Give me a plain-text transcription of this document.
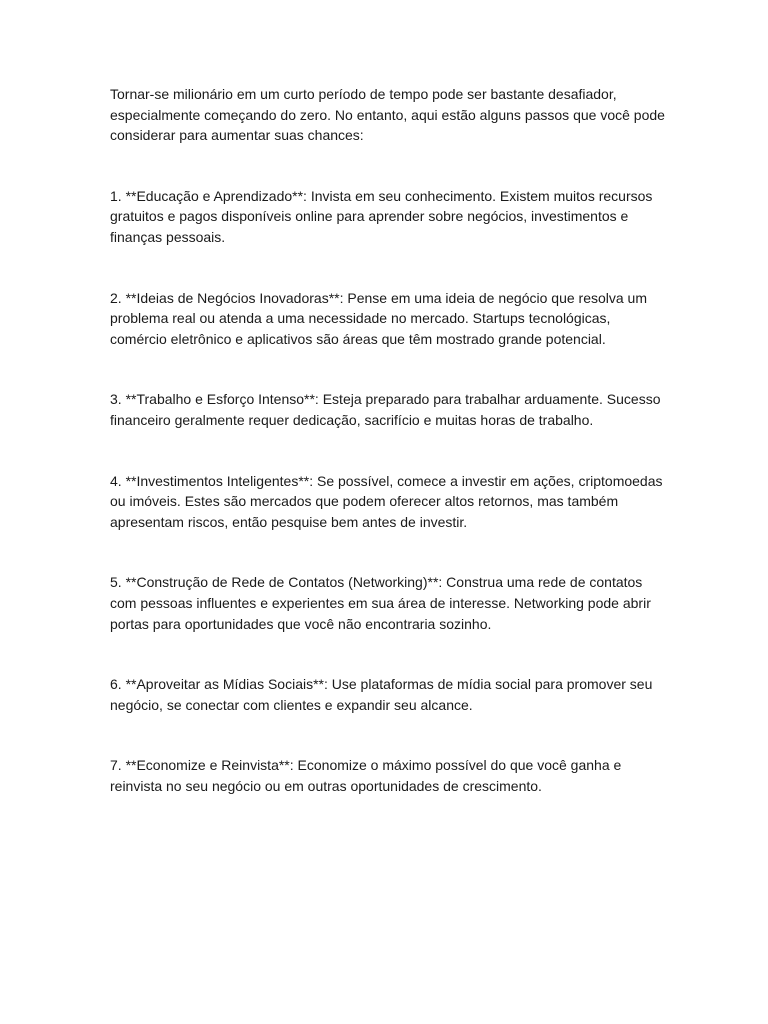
Tornar-se milionário em um curto período de tempo pode ser bastante desafiador, especialmente começando do zero. No entanto, aqui estão alguns passos que você pode considerar para aumentar suas chances:

1. **Educação e Aprendizado**: Invista em seu conhecimento. Existem muitos recursos gratuitos e pagos disponíveis online para aprender sobre negócios, investimentos e finanças pessoais.

2. **Ideias de Negócios Inovadoras**: Pense em uma ideia de negócio que resolva um problema real ou atenda a uma necessidade no mercado. Startups tecnológicas, comércio eletrônico e aplicativos são áreas que têm mostrado grande potencial.

3. **Trabalho e Esforço Intenso**: Esteja preparado para trabalhar arduamente. Sucesso financeiro geralmente requer dedicação, sacrifício e muitas horas de trabalho.

4. **Investimentos Inteligentes**: Se possível, comece a investir em ações, criptomoedas ou imóveis. Estes são mercados que podem oferecer altos retornos, mas também apresentam riscos, então pesquise bem antes de investir.

5. **Construção de Rede de Contatos (Networking)**: Construa uma rede de contatos com pessoas influentes e experientes em sua área de interesse. Networking pode abrir portas para oportunidades que você não encontraria sozinho.

6. **Aproveitar as Mídias Sociais**: Use plataformas de mídia social para promover seu negócio, se conectar com clientes e expandir seu alcance.

7. **Economize e Reinvista**: Economize o máximo possível do que você ganha e reinvista no seu negócio ou em outras oportunidades de crescimento.
